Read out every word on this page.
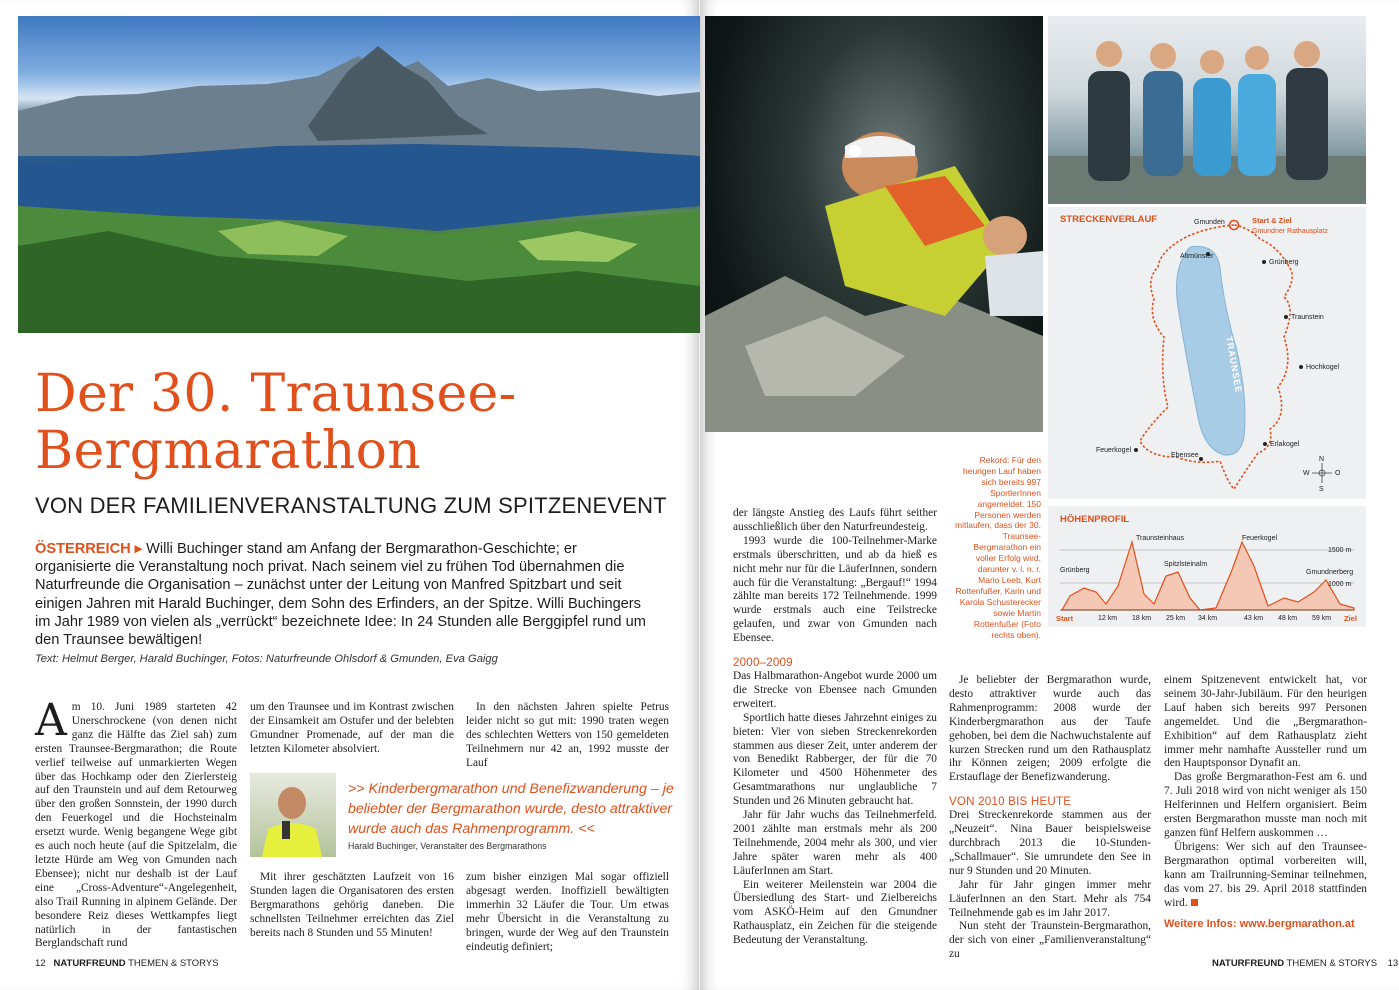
Der 30. Traunsee-
Bergmarathon
VON DER FAMILIENVERANSTALTUNG ZUM SPITZENEVENT
ÖSTERREICH ▸ Willi Buchinger stand am Anfang der Bergmarathon-Geschichte; er organisierte die Veranstaltung noch privat. Nach seinem viel zu frühen Tod übernahmen die Naturfreunde die Organisation – zunächst unter der Leitung von Manfred Spitzbart und seit einigen Jahren mit Harald Buchinger, dem Sohn des Erfinders, an der Spitze. Willi Buchingers im Jahr 1989 von vielen als „verrückt“ bezeichnete Idee: In 24 Stunden alle Berggipfel rund um den Traunsee bewältigen!
Text: Helmut Berger, Harald Buchinger, Fotos: Naturfreunde Ohlsdorf & Gmunden, Eva Gaigg

Am 10. Juni 1989 starteten 42 Unerschrockene (von denen nicht ganz die Hälfte das Ziel sah) zum ersten Traunsee-Bergmarathon; die Route verlief teilweise auf unmarkierten Wegen über das Hochkamp oder den Zierlersteig auf den Traunstein und auf dem Retourweg über den großen Sonnstein, der 1990 durch den Feuerkogel und die Hochsteinalm ersetzt wurde. Wenig begangene Wege gibt es auch noch heute (auf die Spitzelalm, die letzte Hürde am Weg von Gmunden nach Ebensee); nicht nur deshalb ist der Lauf eine „Cross-Adventure“-Angelegenheit, also Trail Running in alpinem Gelände. Der besondere Reiz dieses Wettkampfes liegt natürlich in der fantastischen Berglandschaft rund

um den Traunsee und im Kontrast zwischen der Einsamkeit am Ostufer und der belebten Gmundner Promenade, auf der man die letzten Kilometer absolviert.

Mit ihrer geschätzten Laufzeit von 16 Stunden lagen die Organisatoren des ersten Bergmarathons gehörig daneben. Die schnellsten Teilnehmer erreichten das Ziel bereits nach 8 Stunden und 55 Minuten!

In den nächsten Jahren spielte Petrus leider nicht so gut mit: 1990 traten wegen des schlechten Wetters von 150 gemeldeten Teilnehmern nur 42 an, 1992 musste der Lauf

zum bisher einzigen Mal sogar offiziell abgesagt werden. Inoffiziell bewältigten immerhin 32 Läufer die Tour. Um etwas mehr Übersicht in die Veranstaltung zu bringen, wurde der Weg auf den Traunstein eindeutig definiert;

>> Kinderbergmarathon und Benefizwanderung – je beliebter der Bergmarathon wurde, desto attraktiver wurde auch das Rahmenprogramm. <<
Harald Buchinger, Veranstalter des Bergmarathons

der längste Anstieg des Laufs führt seither ausschließlich über den Naturfreundesteig.

1993 wurde die 100-Teilnehmer-Marke erstmals überschritten, und ab da hieß es nicht mehr nur für die LäuferInnen, sondern auch für die Veranstaltung: „Bergauf!“ 1994 zählte man bereits 172 Teilnehmende. 1999 wurde erstmals auch eine Teilstrecke gelaufen, und zwar von Gmunden nach Ebensee.

2000–2009

Das Halbmarathon-Angebot wurde 2000 um die Strecke von Ebensee nach Gmunden erweitert.

Sportlich hatte dieses Jahrzehnt einiges zu bieten: Vier von sieben Streckenrekorden stammen aus dieser Zeit, unter anderem der von Benedikt Rabberger, der für die 70 Kilometer und 4500 Höhenmeter des Gesamtmarathons nur unglaubliche 7 Stunden und 26 Minuten gebraucht hat.

Jahr für Jahr wuchs das Teilnehmerfeld. 2001 zählte man erstmals mehr als 200 Teilnehmende, 2004 mehr als 300, und vier Jahre später waren mehr als 400 LäuferInnen am Start.

Ein weiterer Meilenstein war 2004 die Übersiedlung des Start- und Zielbereichs vom ASKÖ-Heim auf den Gmundner Rathausplatz, ein Zeichen für die steigende Bedeutung der Veranstaltung.

Je beliebter der Bergmarathon wurde, desto attraktiver wurde auch das Rahmenprogramm: 2008 wurde der Kinderbergmarathon aus der Taufe gehoben, bei dem die Nachwuchstalente auf kurzen Strecken rund um den Rathausplatz ihr Können zeigen; 2009 erfolgte die Erstauflage der Benefizwanderung.

VON 2010 BIS HEUTE

Drei Streckenrekorde stammen aus der „Neuzeit“. Nina Bauer beispielsweise durchbrach 2013 die 10-Stunden-„Schallmauer“. Sie umrundete den See in nur 9 Stunden und 20 Minuten.

Jahr für Jahr gingen immer mehr LäuferInnen an den Start. Mehr als 754 Teilnehmende gab es im Jahr 2017.

Nun steht der Traunstein-Bergmarathon, der sich von einer „Familienveranstaltung“ zu

einem Spitzenevent entwickelt hat, vor seinem 30-Jahr-Jubiläum. Für den heurigen Lauf haben sich bereits 997 Personen angemeldet. Und die „Bergmarathon-Exhibition“ auf dem Rathausplatz zieht immer mehr namhafte Aussteller rund um den Hauptsponsor Dynafit an.

Das große Bergmarathon-Fest am 6. und 7. Juli 2018 wird von nicht weniger als 150 Helferinnen und Helfern organisiert. Beim ersten Bergmarathon musste man noch mit ganzen fünf Helfern auskommen …

Übrigens: Wer sich auf den Traunsee-Bergmarathon optimal vorbereiten will, kann am Trailrunning-Seminar teilnehmen, das vom 27. bis 29. April 2018 stattfinden wird.

Weitere Infos: www.bergmarathon.at

Rekord: Für den heurigen Lauf haben sich bereits 997 SportlerInnen angemeldet. 150 Personen werden mitlaufen, dass der 30. Traunsee-Bergmarathon ein voller Erfolg wird, darunter v. l. n. r. Mario Leeb, Kurt Rottenfußer, Karin und Karola Schusterecker sowie Martin Rottenfußer (Foto rechts oben).
STRECKENVERLAUF
TRAUNSEE
Gmunden	Start & Ziel
Gmundner Rathausplatz
Altmünster
Grünberg
Traunstein
Hochkogel
Erlakogel
Feuerkogel
Ebensee
N
S
W	O
HÖHENPROFIL
Traunsteinhaus	Feuerkogel
Grünberg
Spitzlsteinalm
Gmundnerberg
1500 m
1000 m
Start	12 km 18 km 25 km 34 km	43 km 48 km 59 km Ziel
12 NATURFREUND THEMEN & STORYS	NATURFREUND THEMEN & STORYS 13
